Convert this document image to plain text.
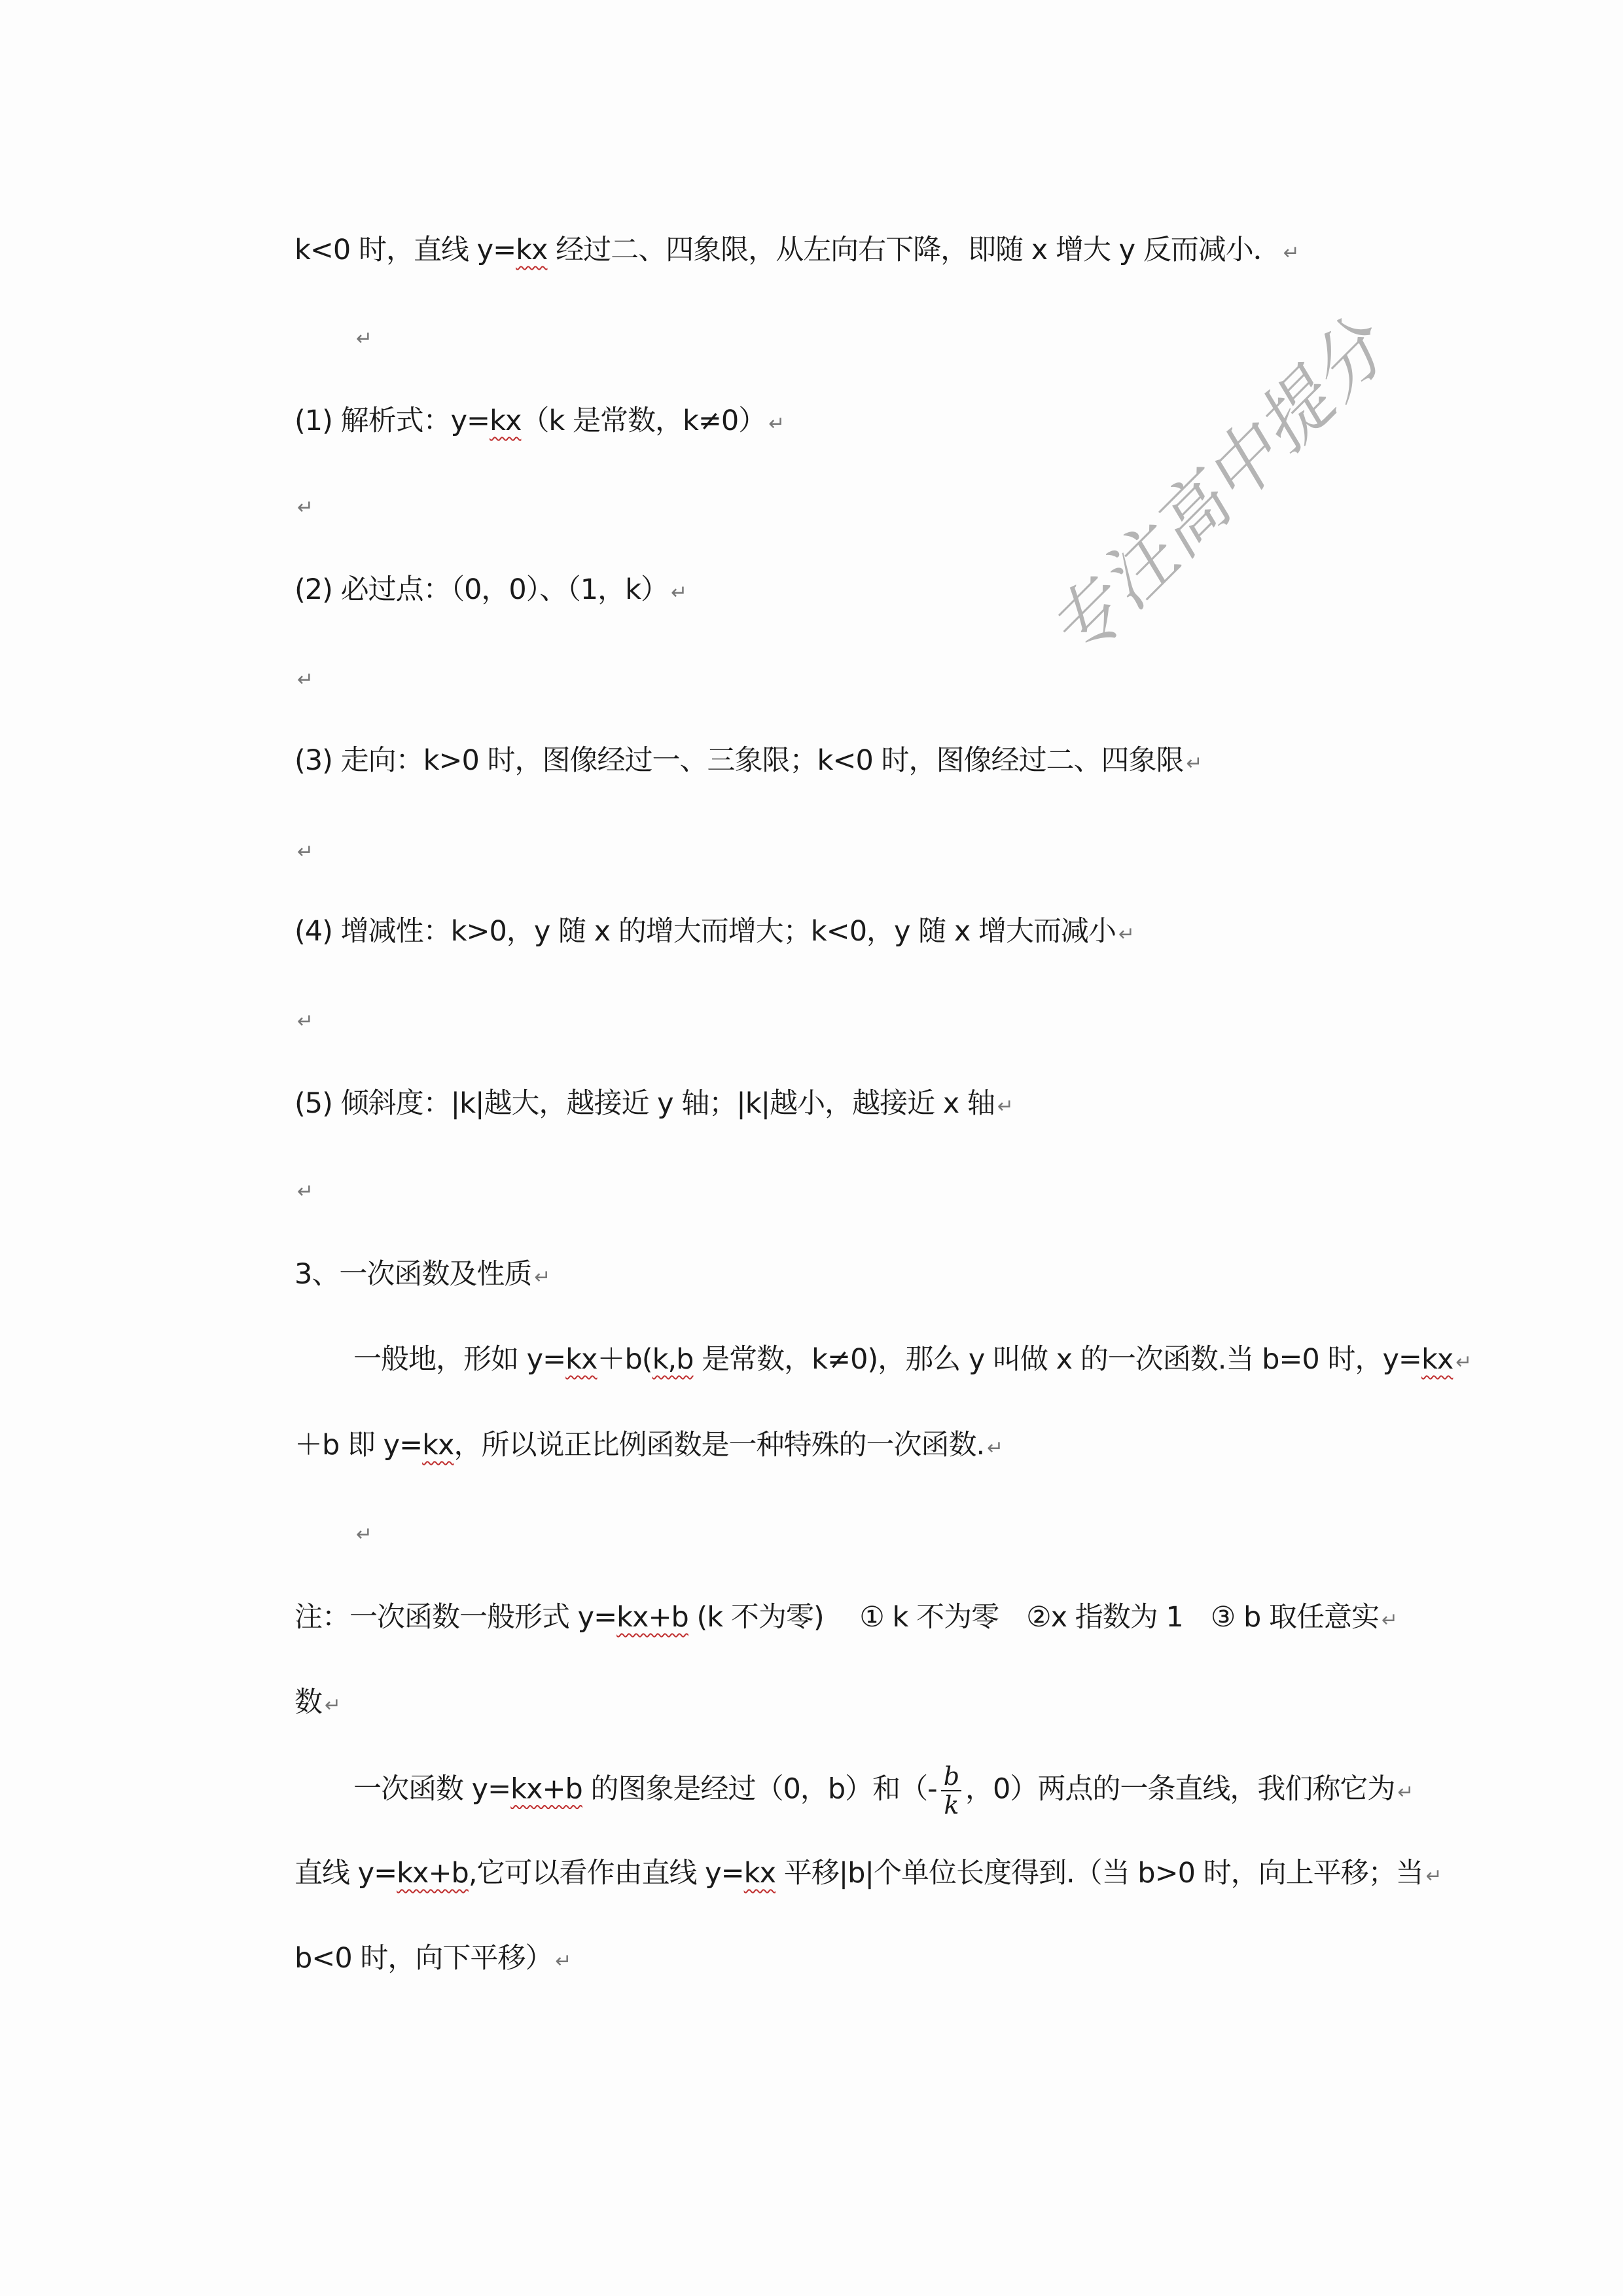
k<0 时，直线 y=kx 经过二、四象限，从左向右下降，即随 x 增大 y 反而减小． ↵
↵
(1) 解析式：y=kx（k 是常数，k≠0） ↵
↵
(2) 必过点：（0，0）、（1，k） ↵
↵
(3) 走向：k>0 时，图像经过一、三象限；k<0 时，图像经过二、四象限 ↵
↵
(4) 增减性：k>0，y 随 x 的增大而增大；k<0，y 随 x 增大而减小 ↵
↵
(5) 倾斜度：|k|越大，越接近 y 轴；|k|越小，越接近 x 轴 ↵
↵
3、一次函数及性质 ↵
一般地，形如 y=kx＋b(k,b 是常数，k≠0)，那么 y 叫做 x 的一次函数.当 b=0 时，y=kx ↵
＋b 即 y=kx，所以说正比例函数是一种特殊的一次函数. ↵
↵
注：一次函数一般形式 y=kx+b (k 不为零)　 ① k 不为零　②x 指数为 1　③ b 取任意实 ↵
数 ↵
一次函数 y=kx+b 的图象是经过（0，b）和（- $\frac{b}{k}$ ，0）两点的一条直线，我们称它为 ↵
直线 y=kx+b,它可以看作由直线 y=kx 平移|b|个单位长度得到.（当 b>0 时，向上平移；当 ↵
b<0 时，向下平移） ↵
专注高中提分
